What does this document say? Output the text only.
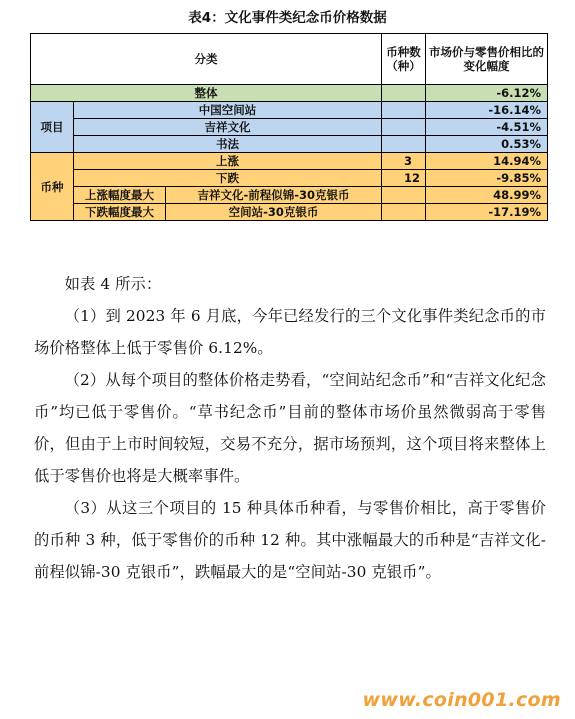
表4：文化事件类纪念币价格数据
分类			币种数（种）	市场价与零售价相比的变化幅度
整体				-6.12%
项目	中国空间站			-16.14%
	吉祥文化			-4.51%
	书法			0.53%
币种	上涨		3	14.94%
	下跌		12	-9.85%
	上涨幅度最大	吉祥文化-前程似锦-30克银币		48.99%
	下跌幅度最大	空间站-30克银币		-17.19%

如表 4 所示：

（1）到 2023 年 6 月底，今年已经发行的三个文化事件类纪念币的市场价格整体上低于零售价 6.12%。

（2）从每个项目的整体价格走势看，“空间站纪念币”和“吉祥文化纪念币”均已低于零售价。“草书纪念币”目前的整体市场价虽然微弱高于零售价，但由于上市时间较短，交易不充分，据市场预判，这个项目将来整体上低于零售价也将是大概率事件。

（3）从这三个项目的 15 种具体币种看，与零售价相比，高于零售价的币种 3 种，低于零售价的币种 12 种。其中涨幅最大的币种是“吉祥文化-前程似锦-30 克银币”，跌幅最大的是“空间站-30 克银币”。

www.coin001.com
